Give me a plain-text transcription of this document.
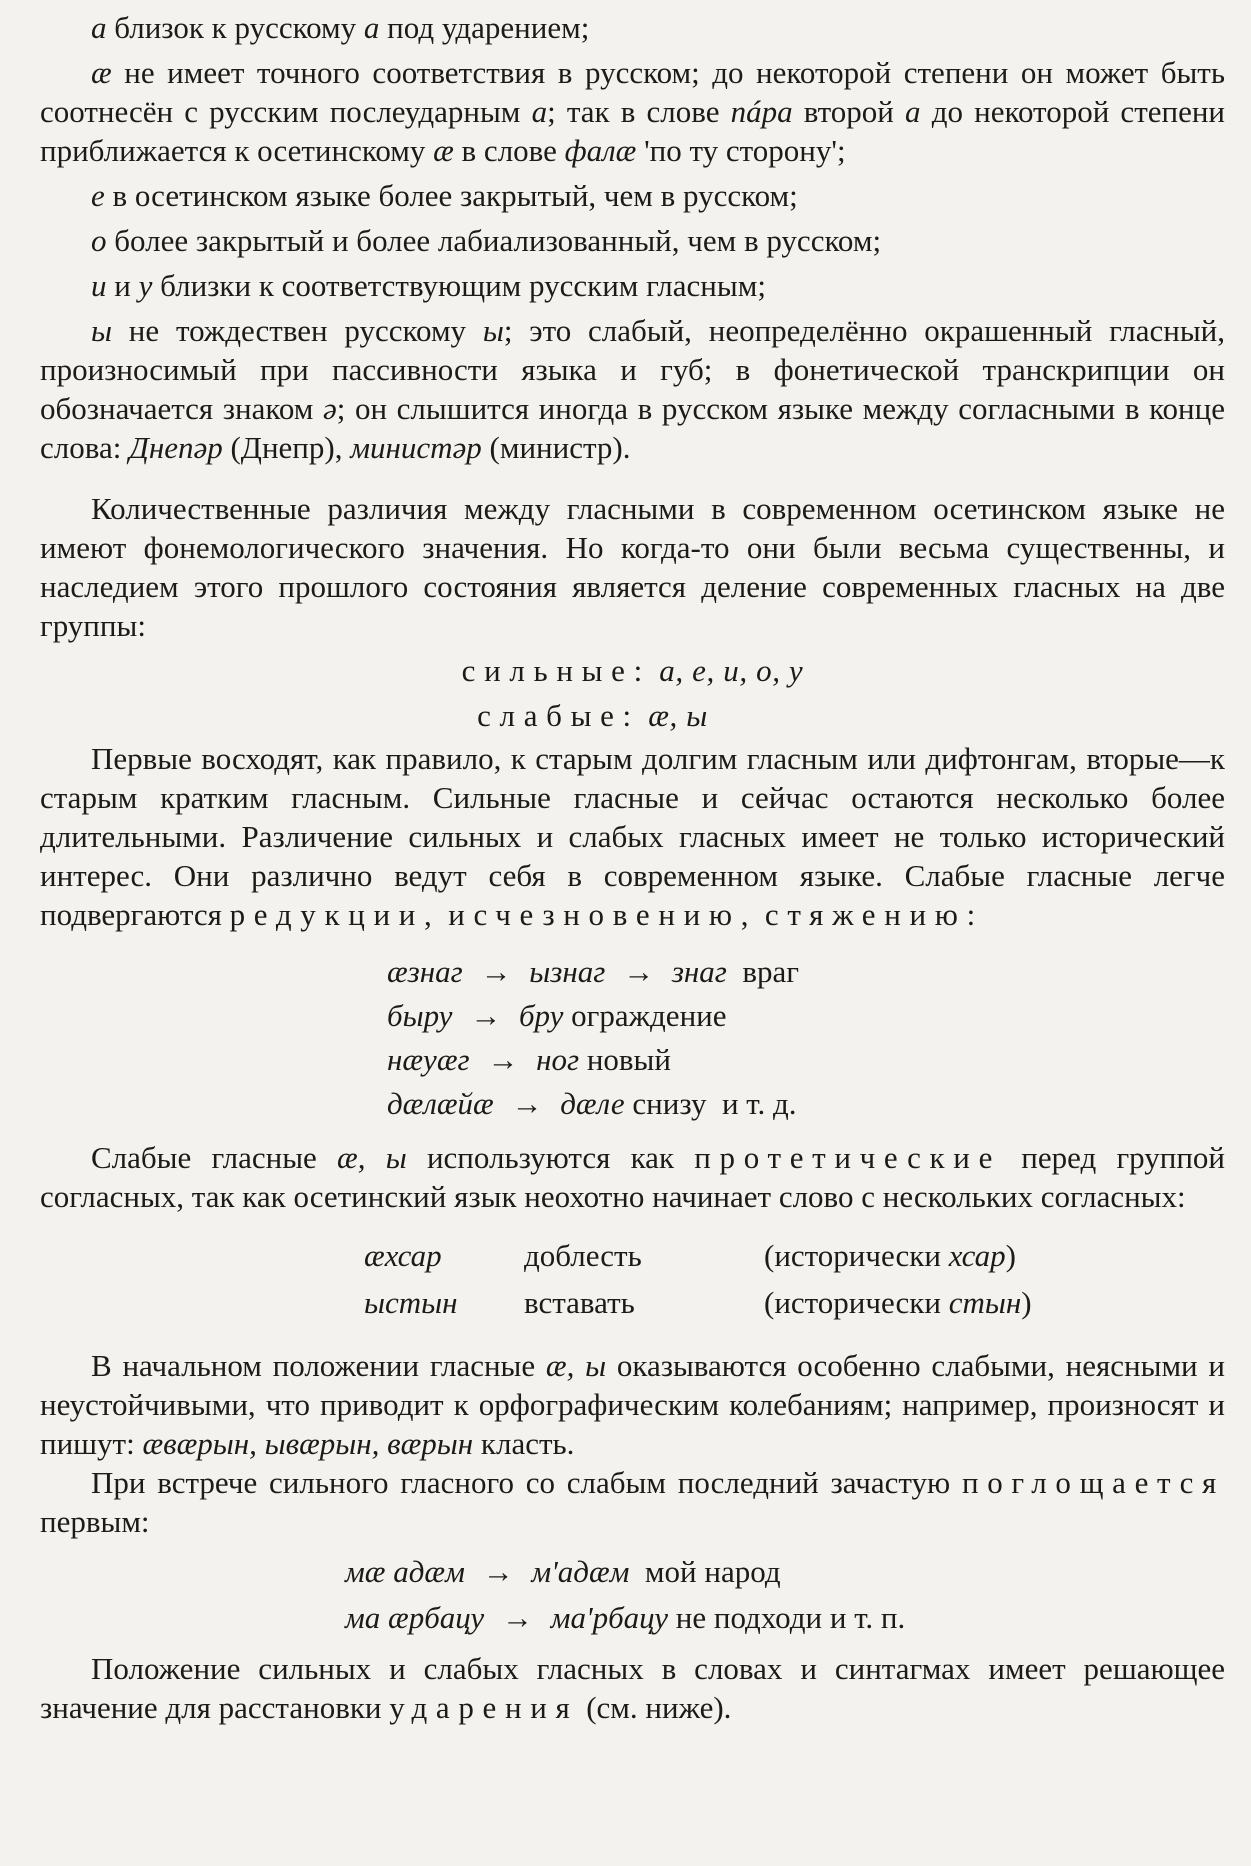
а близок к русскому а под ударением;

æ не имеет точного соответствия в русском; до некоторой степени он может быть соотнесён с русским послеударным а; так в слове пáра второй а до некоторой степени приближается к осетинскому æ в слове фалæ 'по ту сторону';

е в осетинском языке более закрытый, чем в русском;

о более закрытый и более лабиализованный, чем в русском;

и и у близки к соответствующим русским гласным;

ы не тождествен русскому ы; это слабый, неопределённо окрашенный гласный, произносимый при пассивности языка и губ; в фонетической транскрипции он обозначается знаком ə; он слышится иногда в русском языке между согласными в конце слова: Днепəр (Днепр), министəр (министр).

Количественные различия между гласными в современном осетинском языке не имеют фонемологического значения. Но когда-то они были весьма существенны, и наследием этого прошлого состояния является деление современных гласных на две группы:

сильные: а, е, и, о, у
слабые: æ, ы

Первые восходят, как правило, к старым долгим гласным или дифтонгам, вторые—к старым кратким гласным. Сильные гласные и сейчас остаются несколько более длительными. Различение сильных и слабых гласных имеет не только исторический интерес. Они различно ведут себя в современном языке. Слабые гласные легче подвергаются редукции, исчезновению, стяжению:

æзнаг → ызнаг → знаг враг
быру → бру ограждение
нæуæг → ног новый
дæлæйæ → дæле снизу и т. д.

Слабые гласные æ, ы используются как протетические перед группой согласных, так как осетинский язык неохотно начинает слово с нескольких согласных:

æхсар	доблесть	(исторически хсар)
ыстын	вставать	(исторически стын)

В начальном положении гласные æ, ы оказываются особенно слабыми, неясными и неустойчивыми, что приводит к орфографическим колебаниям; например, произносят и пишут: æвæрын, ывæрын, вæрын класть.

При встрече сильного гласного со слабым последний зачастую поглощается первым:

мæ адæм → м'адæм мой народ
ма æрбацу → ма'рбацу не подходи и т. п.

Положение сильных и слабых гласных в словах и синтагмах имеет решающее значение для расстановки ударения (см. ниже).
